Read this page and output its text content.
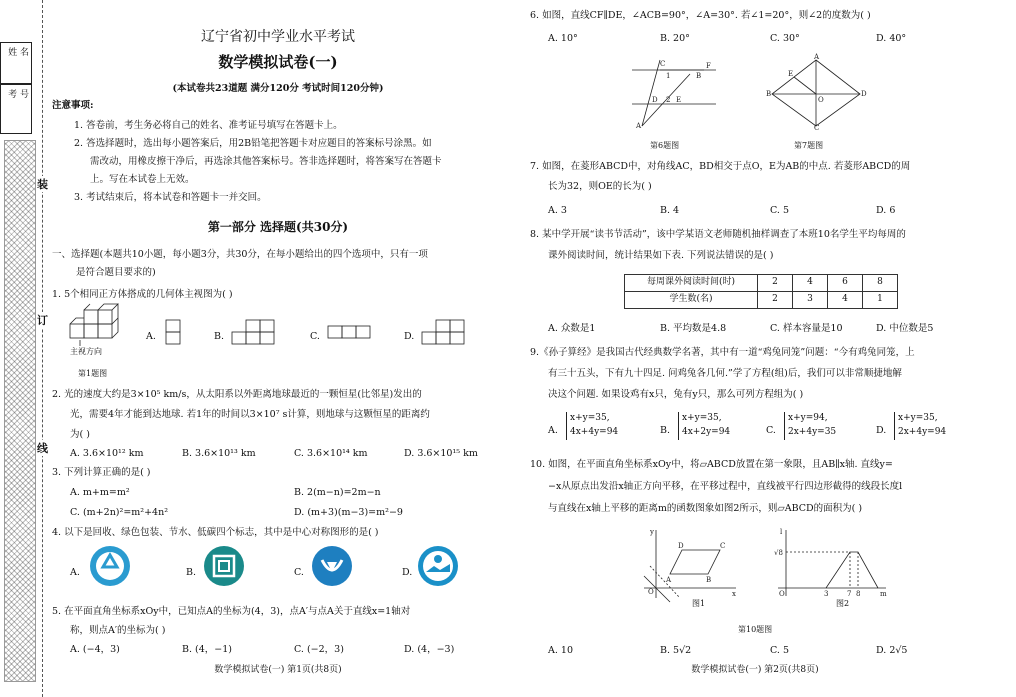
姓 名
考 号
装
订
线
辽宁省初中学业水平考试
数学模拟试卷(一)
(本试卷共23道题 满分120分 考试时间120分钟)
注意事项:
1. 答卷前，考生务必将自己的姓名、准考证号填写在答题卡上。
2. 答选择题时，选出每小题答案后，用2B铅笔把答题卡对应题目的答案标号涂黑。如
需改动，用橡皮擦干净后，再选涂其他答案标号。答非选择题时，将答案写在答题卡
上。写在本试卷上无效。
3. 考试结束后，将本试卷和答题卡一并交回。
第一部分 选择题(共30分)
一、选择题(本题共10小题，每小题3分，共30分，在每小题给出的四个选项中，只有一项
是符合题目要求的)
1. 5个相同正方体搭成的几何体主视图为( )
主视方向
第1题图
A.	B.	C.	D.
2. 光的速度大约是3×10⁵ km/s，从太阳系以外距离地球最近的一颗恒星(比邻星)发出的
光，需要4年才能到达地球. 若1年的时间以3×10⁷ s计算，则地球与这颗恒星的距离约
为( )
A. 3.6×10¹² km	B. 3.6×10¹³ km	C. 3.6×10¹⁴ km	D. 3.6×10¹⁵ km
3. 下列计算正确的是( )
A. m+m=m²	B. 2(m−n)=2m−n
C. (m+2n)²=m²+4n²	D. (m+3)(m−3)=m²−9
4. 以下是回收、绿色包装、节水、低碳四个标志，其中是中心对称图形的是( )
A.	B.	C.	D.
5. 在平面直角坐标系xOy中，已知点A的坐标为(4，3)，点A′与点A关于直线x=1轴对
称，则点A′的坐标为( )
A. (−4，3)	B. (4，−1)	C. (−2，3)	D. (4，−3)
数学模拟试卷(一) 第1页(共8页)
6. 如图，直线CF∥DE，∠ACB=90°，∠A=30°. 若∠1=20°，则∠2的度数为( )
A. 10°	B. 20°	C. 30°	D. 40°
C	F
B
D 2 E
A
1
第6题图
A
B
C
D
O
E
第7题图
7. 如图，在菱形ABCD中，对角线AC，BD相交于点O，E为AB的中点. 若菱形ABCD的周
长为32，则OE的长为( )
A. 3	B. 4	C. 5	D. 6
8. 某中学开展“读书节活动”，该中学某语文老师随机抽样调查了本班10名学生平均每周的
课外阅读时间，统计结果如下表. 下列说法错误的是( )
每周课外阅读时间(时)	2	4	6	8
学生数(名)	2	3	4	1
A. 众数是1	B. 平均数是4.8	C. 样本容量是10	D. 中位数是5
9.《孙子算经》是我国古代经典数学名著，其中有一道“鸡兔同笼”问题：“今有鸡兔同笼，上
有三十五头，下有九十四足. 问鸡兔各几何.”学了方程(组)后，我们可以非常顺捷地解
决这个问题. 如果设鸡有x只，兔有y只，那么可列方程组为( )
A.
x+y=35,
4x+4y=94	B.
x+y=35,
4x+2y=94	C.
x+y=94,
2x+4y=35	D.
x+y=35,
2x+4y=94
10. 如图，在平面直角坐标系xOy中，将▱ABCD放置在第一象限，且AB∥x轴. 直线y=
−x从原点出发沿x轴正方向平移，在平移过程中，直线被平行四边形截得的线段长度l
与直线在x轴上平移的距离m的函数图象如图2所示，则▱ABCD的面积为( )
y
x
O
A	B
D	C
图1
l
m
O
√8
3	7 8
图2
第10题图
A. 10	B. 5√2	C. 5	D. 2√5
数学模拟试卷(一) 第2页(共8页)
